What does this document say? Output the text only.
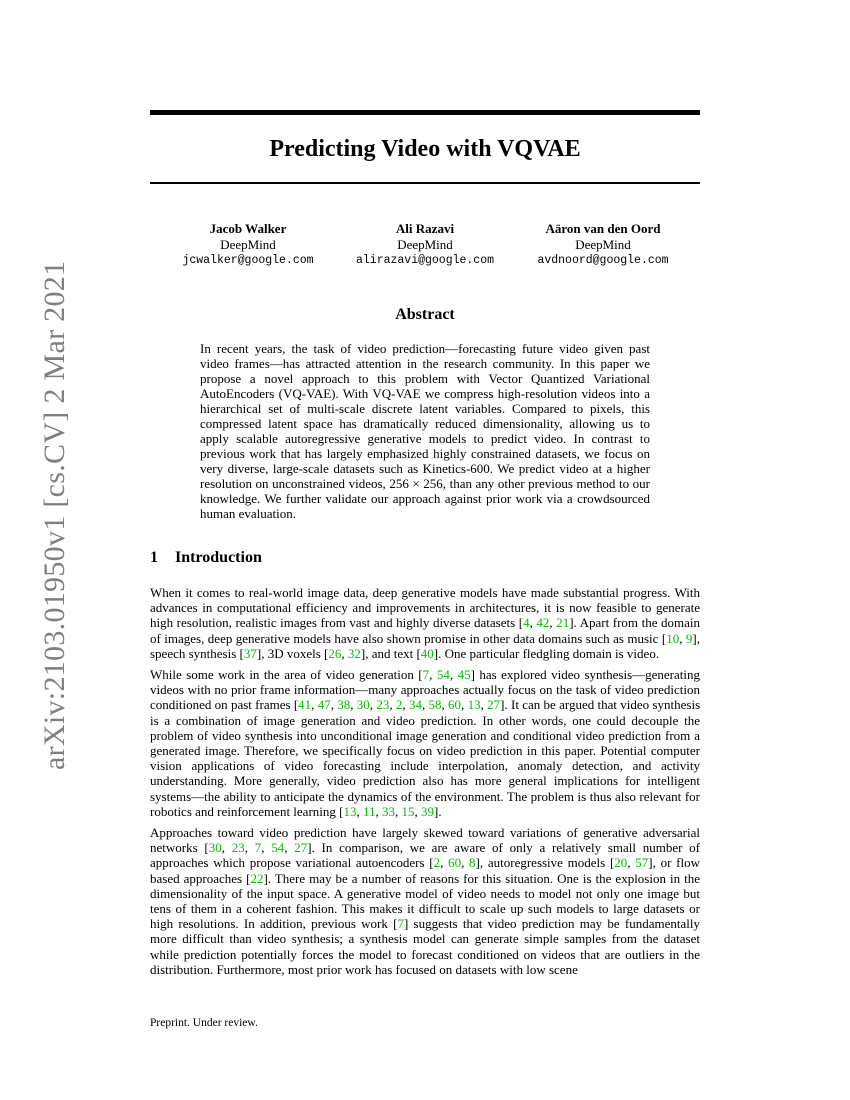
arXiv:2103.01950v1 [cs.CV] 2 Mar 2021
Predicting Video with VQVAE
Jacob Walker
DeepMind
jcwalker@google.com
Ali Razavi
DeepMind
alirazavi@google.com
Aäron van den Oord
DeepMind
avdnoord@google.com
Abstract
In recent years, the task of video prediction—forecasting future video given past video frames—has attracted attention in the research community. In this paper we propose a novel approach to this problem with Vector Quantized Variational AutoEncoders (VQ-VAE). With VQ-VAE we compress high-resolution videos into a hierarchical set of multi-scale discrete latent variables. Compared to pixels, this compressed latent space has dramatically reduced dimensionality, allowing us to apply scalable autoregressive generative models to predict video. In contrast to previous work that has largely emphasized highly constrained datasets, we focus on very diverse, large-scale datasets such as Kinetics-600. We predict video at a higher resolution on unconstrained videos, 256 × 256, than any other previous method to our knowledge. We further validate our approach against prior work via a crowdsourced human evaluation.
1 Introduction

When it comes to real-world image data, deep generative models have made substantial progress. With advances in computational efficiency and improvements in architectures, it is now feasible to generate high resolution, realistic images from vast and highly diverse datasets [4, 42, 21]. Apart from the domain of images, deep generative models have also shown promise in other data domains such as music [10, 9], speech synthesis [37], 3D voxels [26, 32], and text [40]. One particular fledgling domain is video.

While some work in the area of video generation [7, 54, 45] has explored video synthesis—generating videos with no prior frame information—many approaches actually focus on the task of video prediction conditioned on past frames [41, 47, 38, 30, 23, 2, 34, 58, 60, 13, 27]. It can be argued that video synthesis is a combination of image generation and video prediction. In other words, one could decouple the problem of video synthesis into unconditional image generation and conditional video prediction from a generated image. Therefore, we specifically focus on video prediction in this paper. Potential computer vision applications of video forecasting include interpolation, anomaly detection, and activity understanding. More generally, video prediction also has more general implications for intelligent systems—the ability to anticipate the dynamics of the environment. The problem is thus also relevant for robotics and reinforcement learning [13, 11, 33, 15, 39].

Approaches toward video prediction have largely skewed toward variations of generative adversarial networks [30, 23, 7, 54, 27]. In comparison, we are aware of only a relatively small number of approaches which propose variational autoencoders [2, 60, 8], autoregressive models [20, 57], or flow based approaches [22]. There may be a number of reasons for this situation. One is the explosion in the dimensionality of the input space. A generative model of video needs to model not only one image but tens of them in a coherent fashion. This makes it difficult to scale up such models to large datasets or high resolutions. In addition, previous work [7] suggests that video prediction may be fundamentally more difficult than video synthesis; a synthesis model can generate simple samples from the dataset while prediction potentially forces the model to forecast conditioned on videos that are outliers in the distribution. Furthermore, most prior work has focused on datasets with low scene

Preprint. Under review.
